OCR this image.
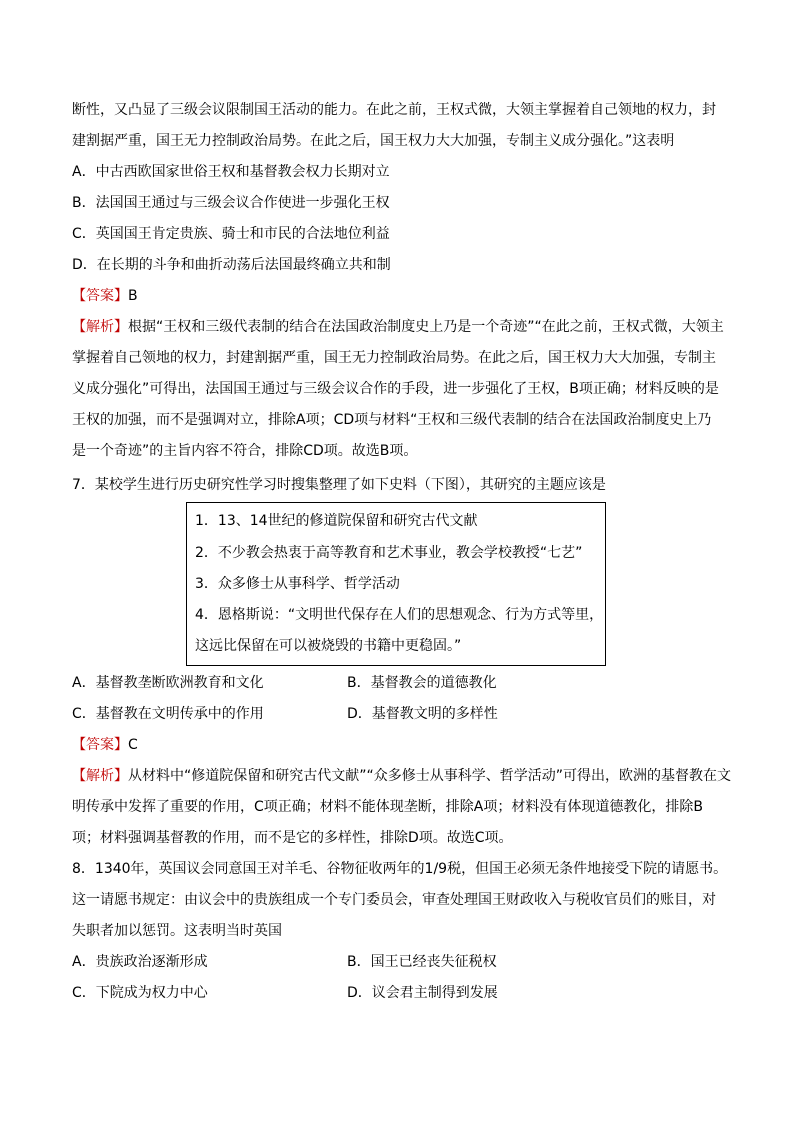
断性，又凸显了三级会议限制国王活动的能力。在此之前，王权式微，大领主掌握着自己领地的权力，封
建割据严重，国王无力控制政治局势。在此之后，国王权力大大加强，专制主义成分强化。”这表明
A．中古西欧国家世俗王权和基督教会权力长期对立
B．法国国王通过与三级会议合作使进一步强化王权
C．英国国王肯定贵族、骑士和市民的合法地位利益
D．在长期的斗争和曲折动荡后法国最终确立共和制
【答案】B
【解析】根据“王权和三级代表制的结合在法国政治制度史上乃是一个奇迹”“在此之前，王权式微，大领主
掌握着自己领地的权力，封建割据严重，国王无力控制政治局势。在此之后，国王权力大大加强，专制主
义成分强化”可得出，法国国王通过与三级会议合作的手段，进一步强化了王权，B项正确；材料反映的是
王权的加强，而不是强调对立，排除A项；CD项与材料“王权和三级代表制的结合在法国政治制度史上乃
是一个奇迹”的主旨内容不符合，排除CD项。故选B项。
7．某校学生进行历史研究性学习时搜集整理了如下史料（下图），其研究的主题应该是
1．13、14世纪的修道院保留和研究古代文献
2．不少教会热衷于高等教育和艺术事业，教会学校教授“七艺”
3．众多修士从事科学、哲学活动
4．恩格斯说：“文明世代保存在人们的思想观念、行为方式等里，
这远比保留在可以被烧毁的书籍中更稳固。”
A．基督教垄断欧洲教育和文化	B．基督教会的道德教化
C．基督教在文明传承中的作用	D．基督教文明的多样性
【答案】C
【解析】从材料中“修道院保留和研究古代文献”“众多修士从事科学、哲学活动”可得出，欧洲的基督教在文
明传承中发挥了重要的作用，C项正确；材料不能体现垄断，排除A项；材料没有体现道德教化，排除B
项；材料强调基督教的作用，而不是它的多样性，排除D项。故选C项。
8．1340年，英国议会同意国王对羊毛、谷物征收两年的1/9税，但国王必须无条件地接受下院的请愿书。
这一请愿书规定：由议会中的贵族组成一个专门委员会，审查处理国王财政收入与税收官员们的账目，对
失职者加以惩罚。这表明当时英国
A．贵族政治逐渐形成	B．国王已经丧失征税权
C．下院成为权力中心	D．议会君主制得到发展
